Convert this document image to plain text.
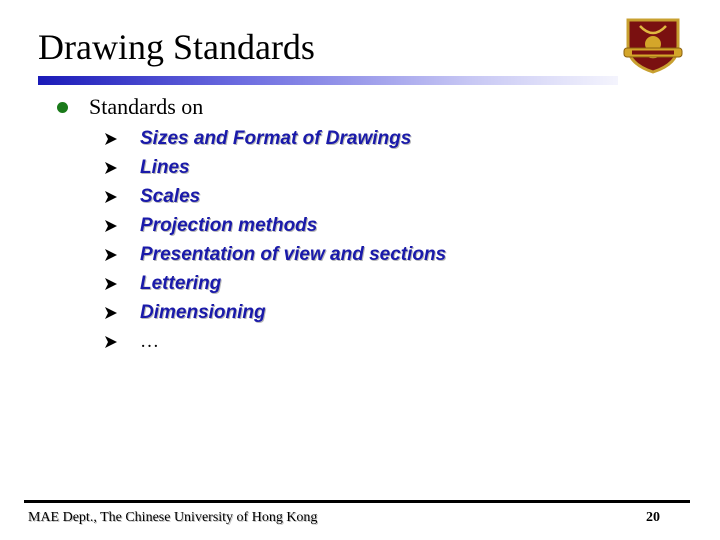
Drawing Standards
Standards on
Sizes and Format of Drawings
Lines
Scales
Projection methods
Presentation of view and sections
Lettering
Dimensioning
…
MAE Dept., The Chinese University of Hong Kong	20
